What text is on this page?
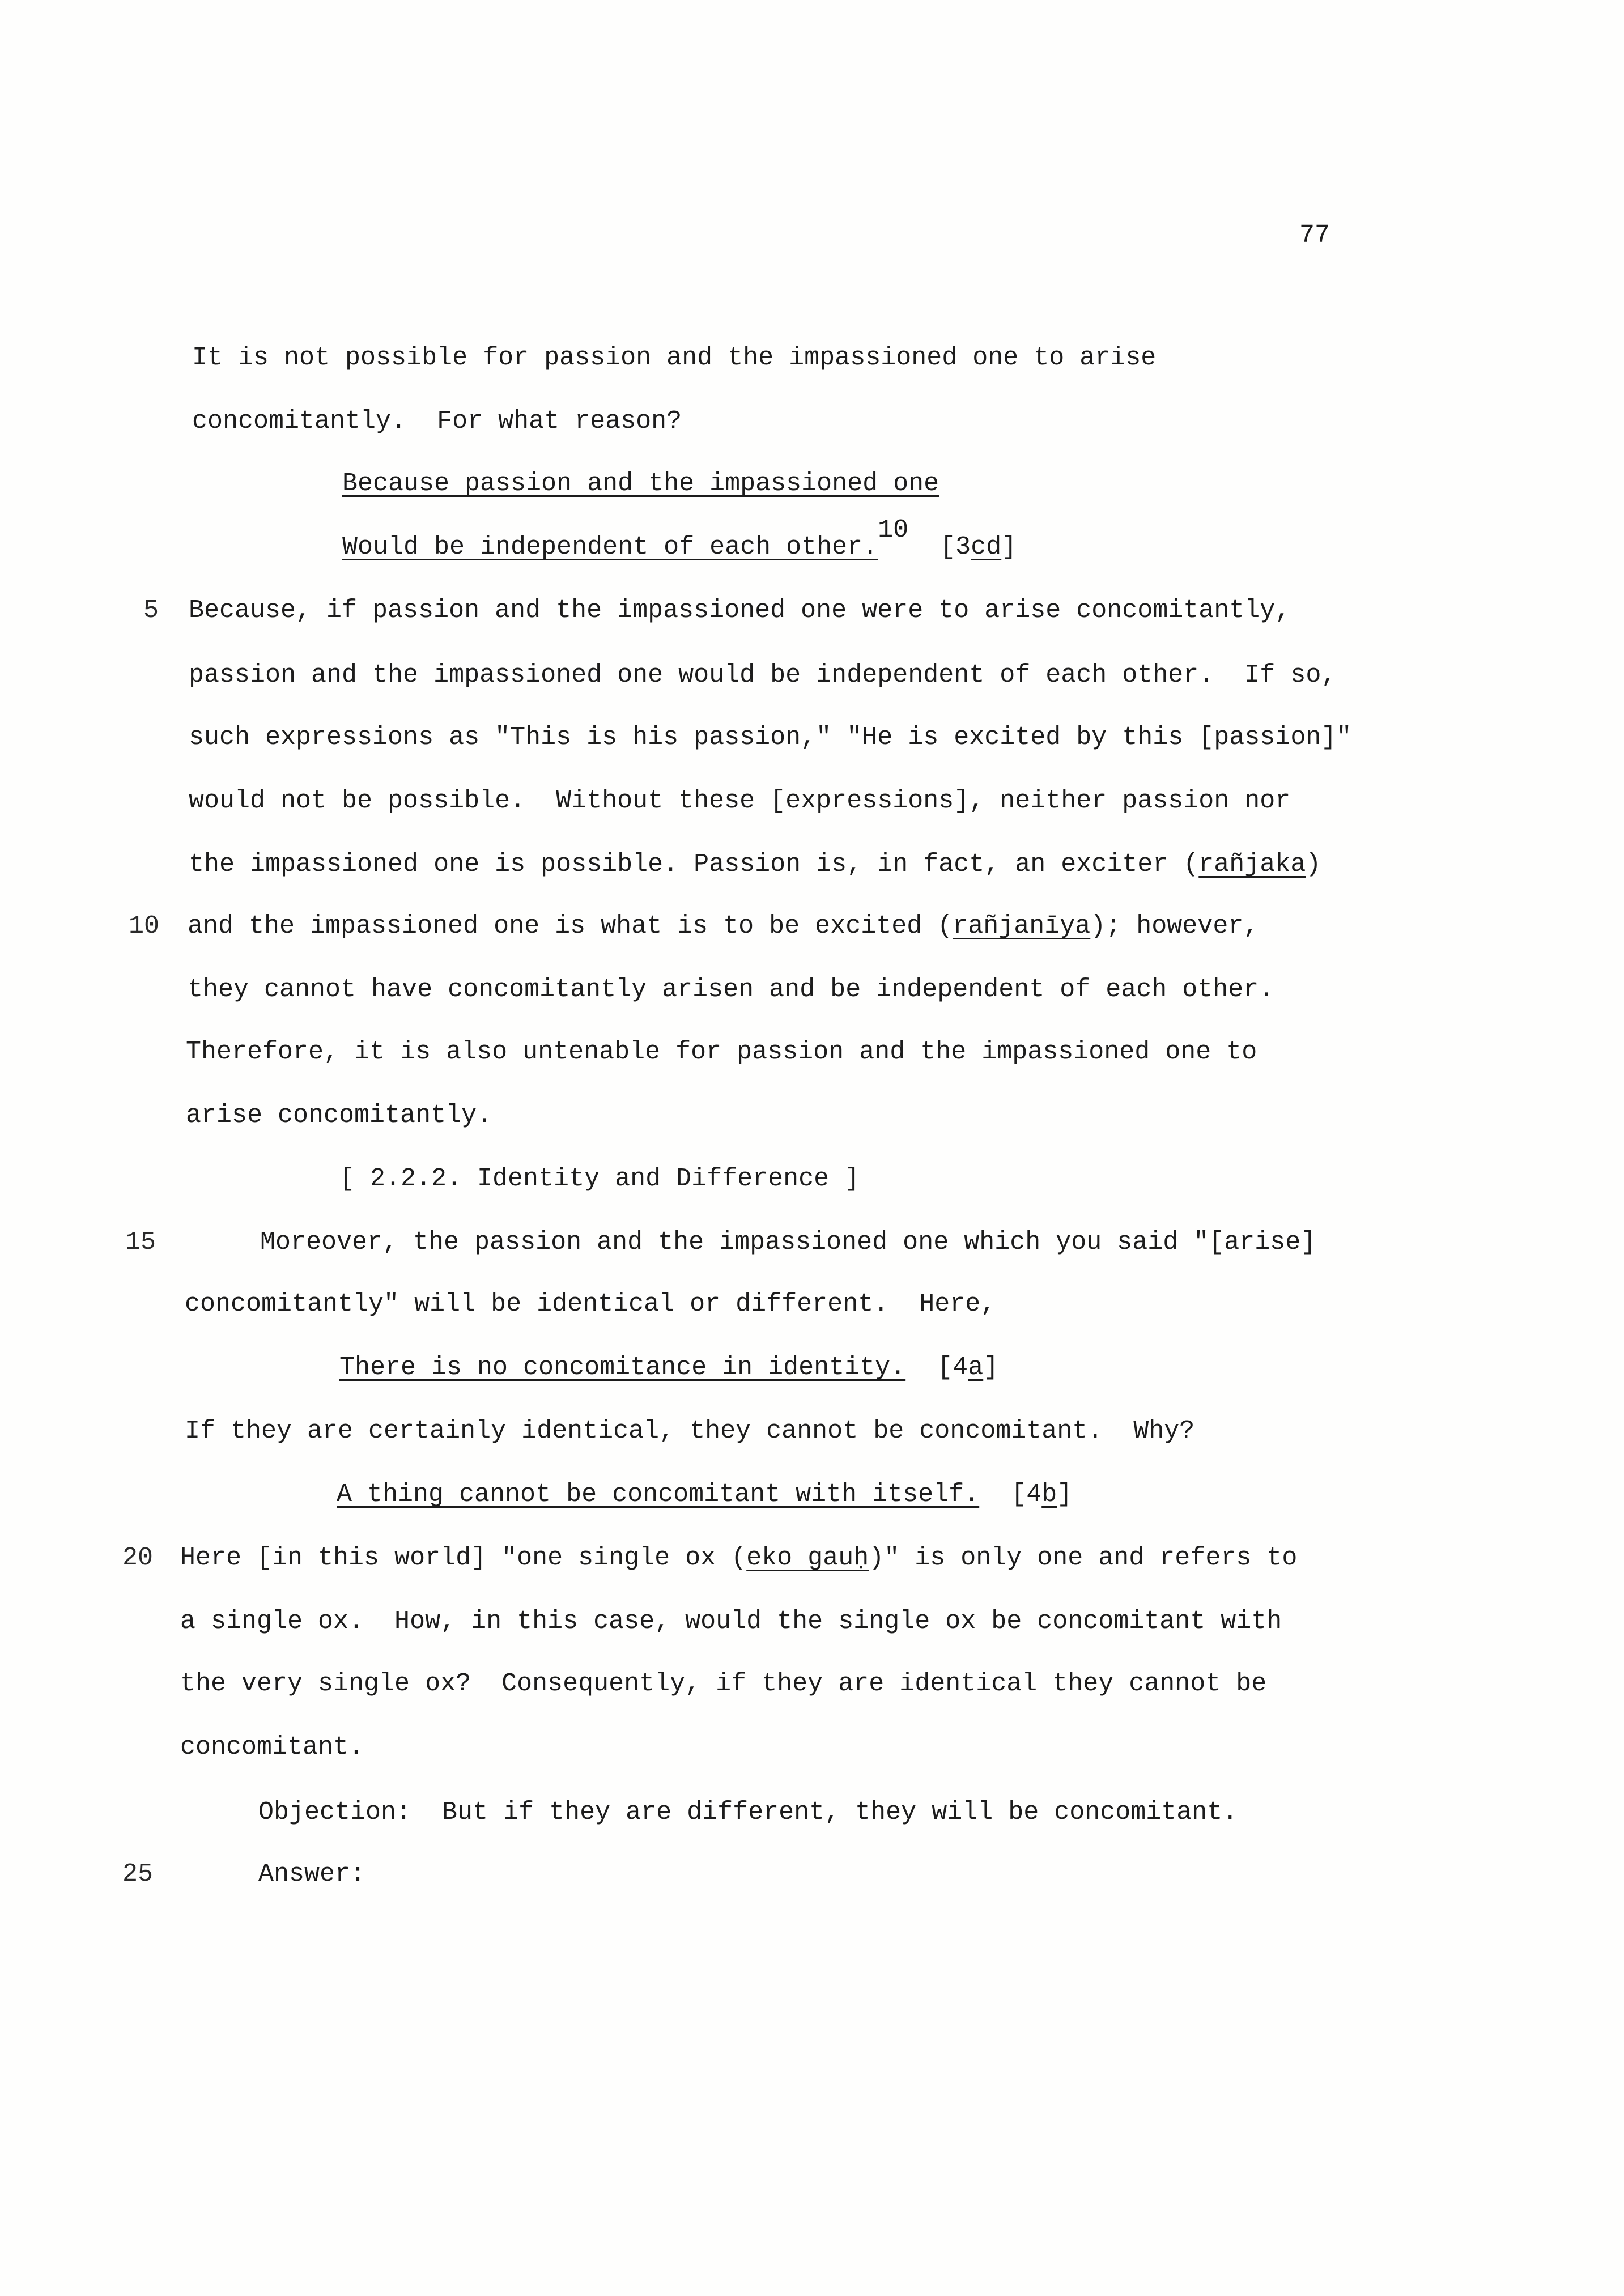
77
It is not possible for passion and the impassioned one to arise
concomitantly.  For what reason?
Because passion and the impassioned one
Would be independent of each other.10[3cd]
5 Because, if passion and the impassioned one were to arise concomitantly,
passion and the impassioned one would be independent of each other.  If so,
such expressions as "This is his passion," "He is excited by this [passion]"
would not be possible.  Without these [expressions], neither passion nor
the impassioned one is possible. Passion is, in fact, an exciter (rañjaka)
10 and the impassioned one is what is to be excited (rañjanīya); however,
they cannot have concomitantly arisen and be independent of each other.
Therefore, it is also untenable for passion and the impassioned one to
arise concomitantly.
[ 2.2.2. Identity and Difference ]
15	Moreover, the passion and the impassioned one which you said "[arise]
concomitantly" will be identical or different.  Here,
There is no concomitance in identity. [4a]
If they are certainly identical, they cannot be concomitant.  Why?
A thing cannot be concomitant with itself. [4b]
20 Here [in this world] "one single ox (eko gauḥ)" is only one and refers to
a single ox.  How, in this case, would the single ox be concomitant with
the very single ox?  Consequently, if they are identical they cannot be
concomitant.
Objection:  But if they are different, they will be concomitant.
25	Answer:
